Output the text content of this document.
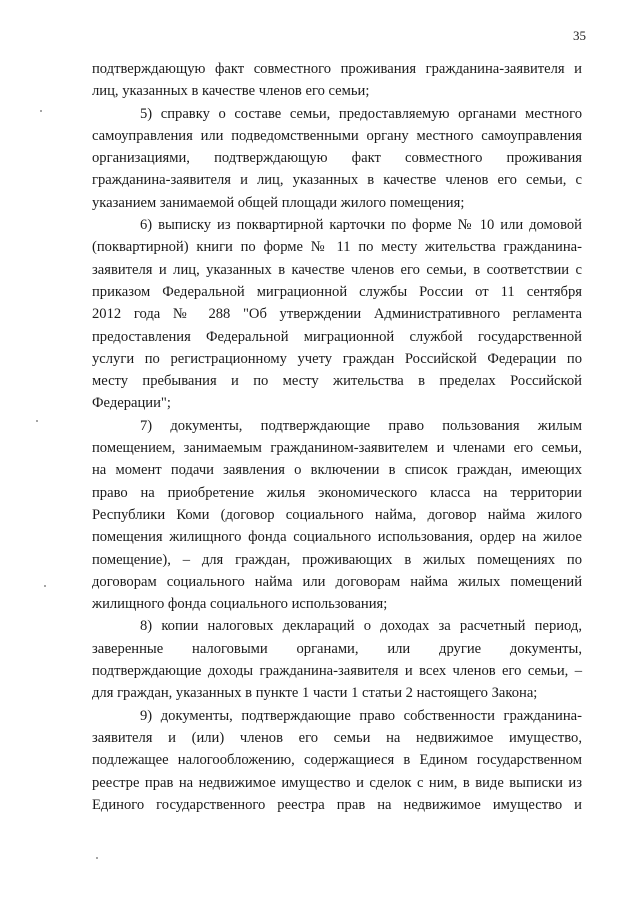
35
подтверждающую факт совместного проживания гражданина-заявителя и
лиц, указанных в качестве членов его семьи;
5) справку о составе семьи, предоставляемую органами местного
самоуправления или подведомственными органу местного самоуправления
организациями, подтверждающую факт совместного проживания
гражданина-заявителя и лиц, указанных в качестве членов его семьи, с
указанием занимаемой общей площади жилого помещения;
6) выписку из поквартирной карточки по форме № 10 или домовой
(поквартирной) книги по форме № 11 по месту жительства гражданина-
заявителя и лиц, указанных в качестве членов его семьи, в соответствии с
приказом Федеральной миграционной службы России от 11 сентября
2012 года № 288 "Об утверждении Административного регламента
предоставления Федеральной миграционной службой государственной
услуги по регистрационному учету граждан Российской Федерации по
месту пребывания и по месту жительства в пределах Российской
Федерации";
7) документы, подтверждающие право пользования жилым
помещением, занимаемым гражданином-заявителем и членами его семьи,
на момент подачи заявления о включении в список граждан, имеющих
право на приобретение жилья экономического класса на территории
Республики Коми (договор социального найма, договор найма жилого
помещения жилищного фонда социального использования, ордер на жилое
помещение), – для граждан, проживающих в жилых помещениях по
договорам социального найма или договорам найма жилых помещений
жилищного фонда социального использования;
8) копии налоговых деклараций о доходах за расчетный период,
заверенные налоговыми органами, или другие документы,
подтверждающие доходы гражданина-заявителя и всех членов его семьи, –
для граждан, указанных в пункте 1 части 1 статьи 2 настоящего Закона;
9) документы, подтверждающие право собственности гражданина-
заявителя и (или) членов его семьи на недвижимое имущество,
подлежащее налогообложению, содержащиеся в Едином государственном
реестре прав на недвижимое имущество и сделок с ним, в виде выписки из
Единого государственного реестра прав на недвижимое имущество и
